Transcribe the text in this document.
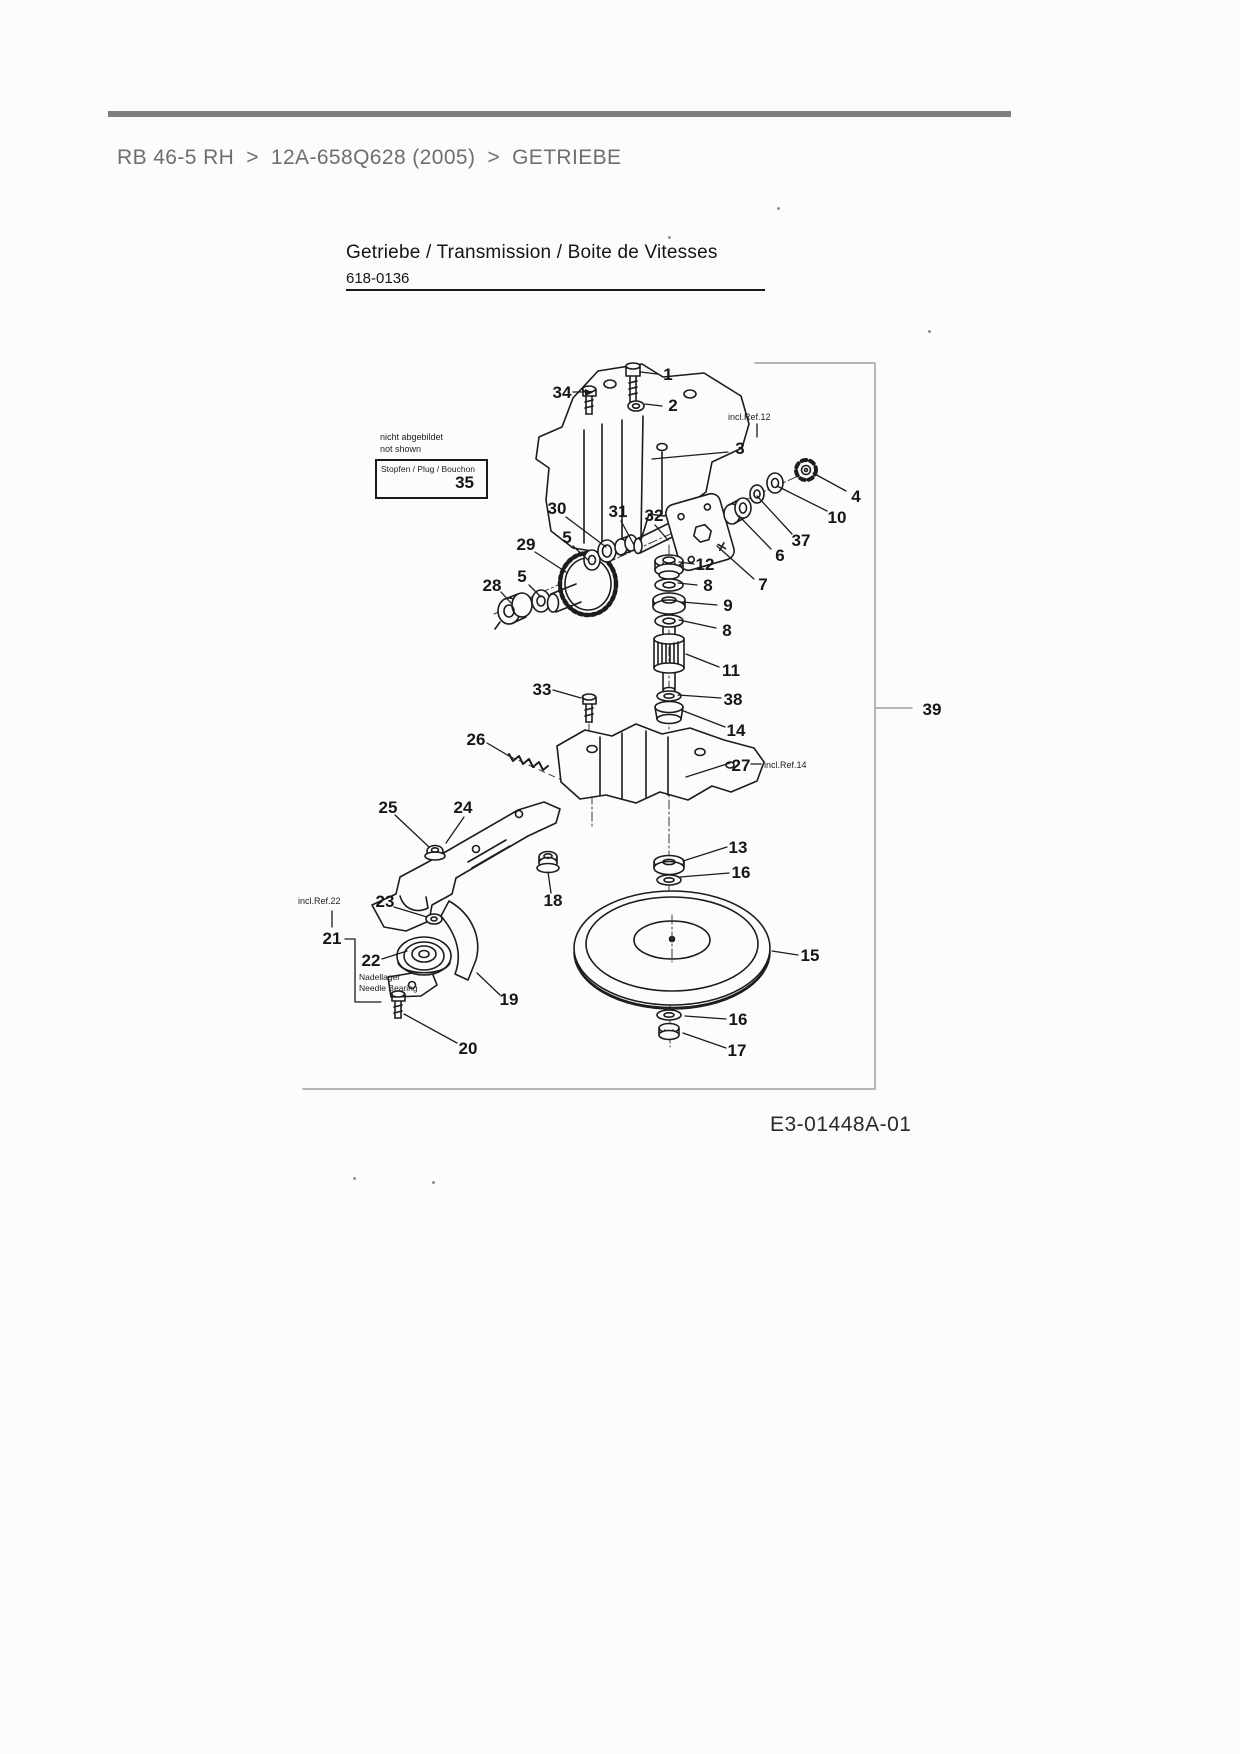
RB 46-5 RH > 12A-658Q628 (2005) > GETRIEBE
Getriebe / Transmission / Boite de Vitesses
618-0136
nicht abgebildet
not shown
Stopfen / Plug / Bouchon
35
incl.Ref.12
incl.Ref.14
incl.Ref.22
Nadellager
Needle Bearing
1
2
3
4
5
5
6
7
8
8
9
10
11
12
13
14
15
16
16
17
18
19
20
21
22
23
24
25
26
27
28
29
30 31 32
33
34
37
38
39
E3-01448A-01
